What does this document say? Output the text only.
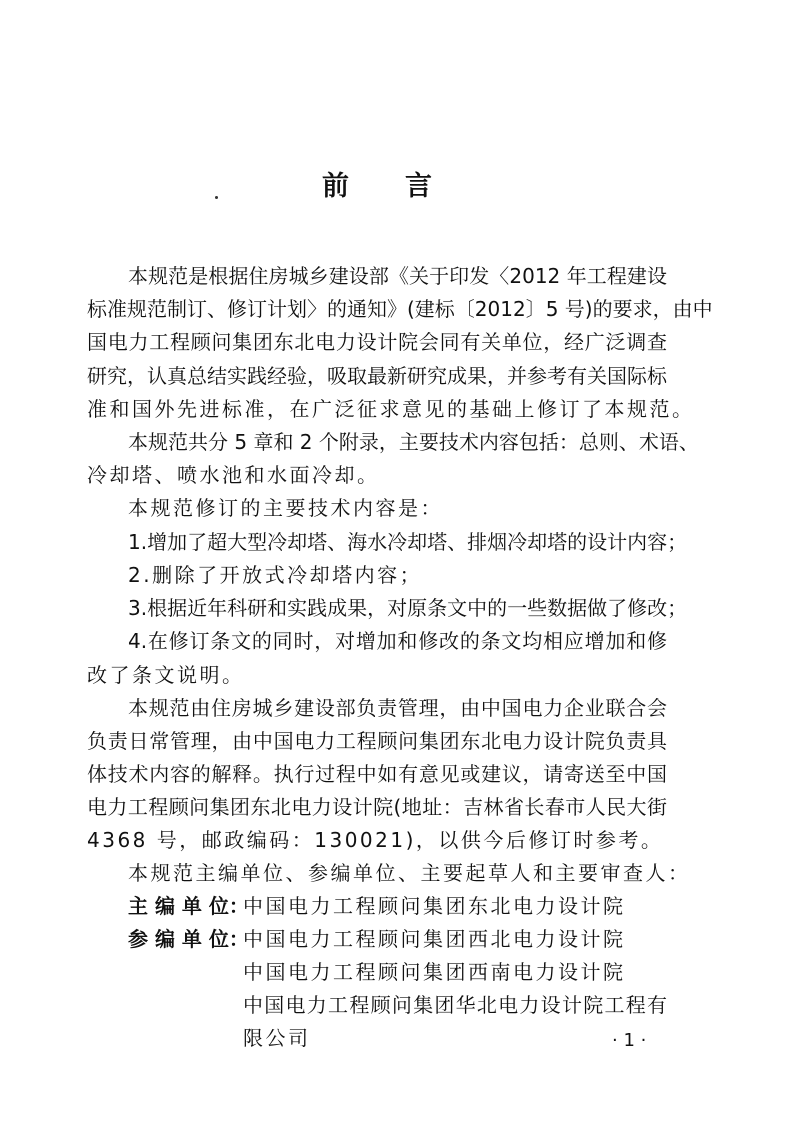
前 言
本规范是根据住房城乡建设部《关于印发〈2012 年工程建设
标准规范制订、修订计划〉的通知》(建标〔2012〕5 号)的要求，由中
国电力工程顾问集团东北电力设计院会同有关单位，经广泛调查
研究，认真总结实践经验，吸取最新研究成果，并参考有关国际标
准和国外先进标准，在广泛征求意见的基础上修订了本规范。
本规范共分 5 章和 2 个附录，主要技术内容包括：总则、术语、
冷却塔、喷水池和水面冷却。
本规范修订的主要技术内容是：
1.增加了超大型冷却塔、海水冷却塔、排烟冷却塔的设计内容；
2.删除了开放式冷却塔内容；
3.根据近年科研和实践成果，对原条文中的一些数据做了修改；
4.在修订条文的同时，对增加和修改的条文均相应增加和修
改了条文说明。
本规范由住房城乡建设部负责管理，由中国电力企业联合会
负责日常管理，由中国电力工程顾问集团东北电力设计院负责具
体技术内容的解释。执行过程中如有意见或建议，请寄送至中国
电力工程顾问集团东北电力设计院(地址：吉林省长春市人民大街
4368 号，邮政编码：130021)，以供今后修订时参考。
本规范主编单位、参编单位、主要起草人和主要审查人：
主 编 单 位：
中国电力工程顾问集团东北电力设计院
参 编 单 位：
中国电力工程顾问集团西北电力设计院
中国电力工程顾问集团西南电力设计院
中国电力工程顾问集团华北电力设计院工程有
限公司	· 1 ·
